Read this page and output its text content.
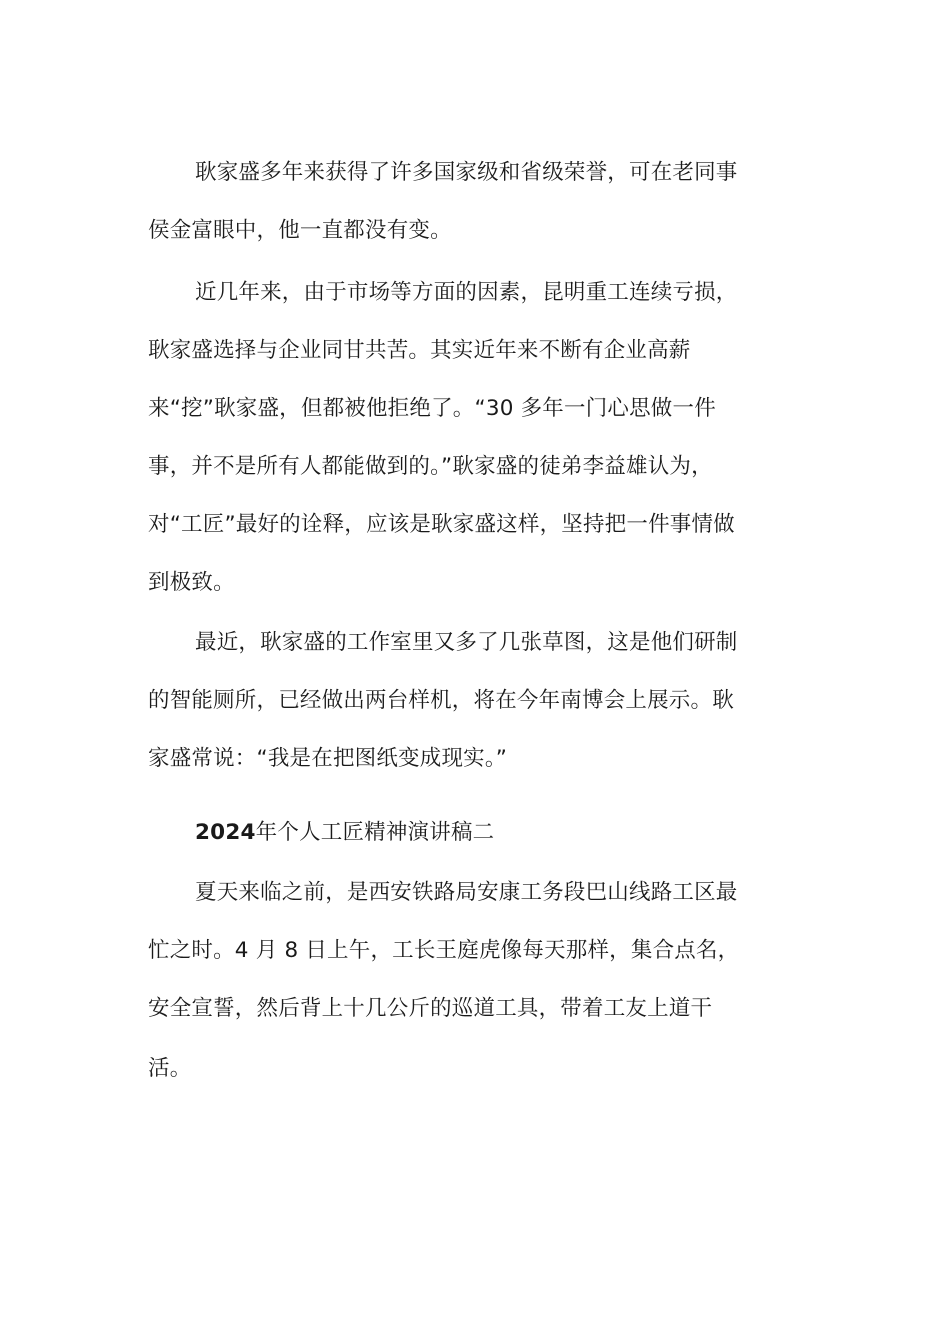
耿家盛多年来获得了许多国家级和省级荣誉，可在老同事
侯金富眼中，他一直都没有变。
近几年来，由于市场等方面的因素，昆明重工连续亏损，
耿家盛选择与企业同甘共苦。其实近年来不断有企业高薪
来“挖”耿家盛，但都被他拒绝了。“30 多年一门心思做一件
事，并不是所有人都能做到的。”耿家盛的徒弟李益雄认为，
对“工匠”最好的诠释，应该是耿家盛这样，坚持把一件事情做
到极致。
最近，耿家盛的工作室里又多了几张草图，这是他们研制
的智能厕所，已经做出两台样机，将在今年南博会上展示。耿
家盛常说：“我是在把图纸变成现实。”
2024年个人工匠精神演讲稿二
夏天来临之前，是西安铁路局安康工务段巴山线路工区最
忙之时。4 月 8 日上午，工长王庭虎像每天那样，集合点名，
安全宣誓，然后背上十几公斤的巡道工具，带着工友上道干
活。
